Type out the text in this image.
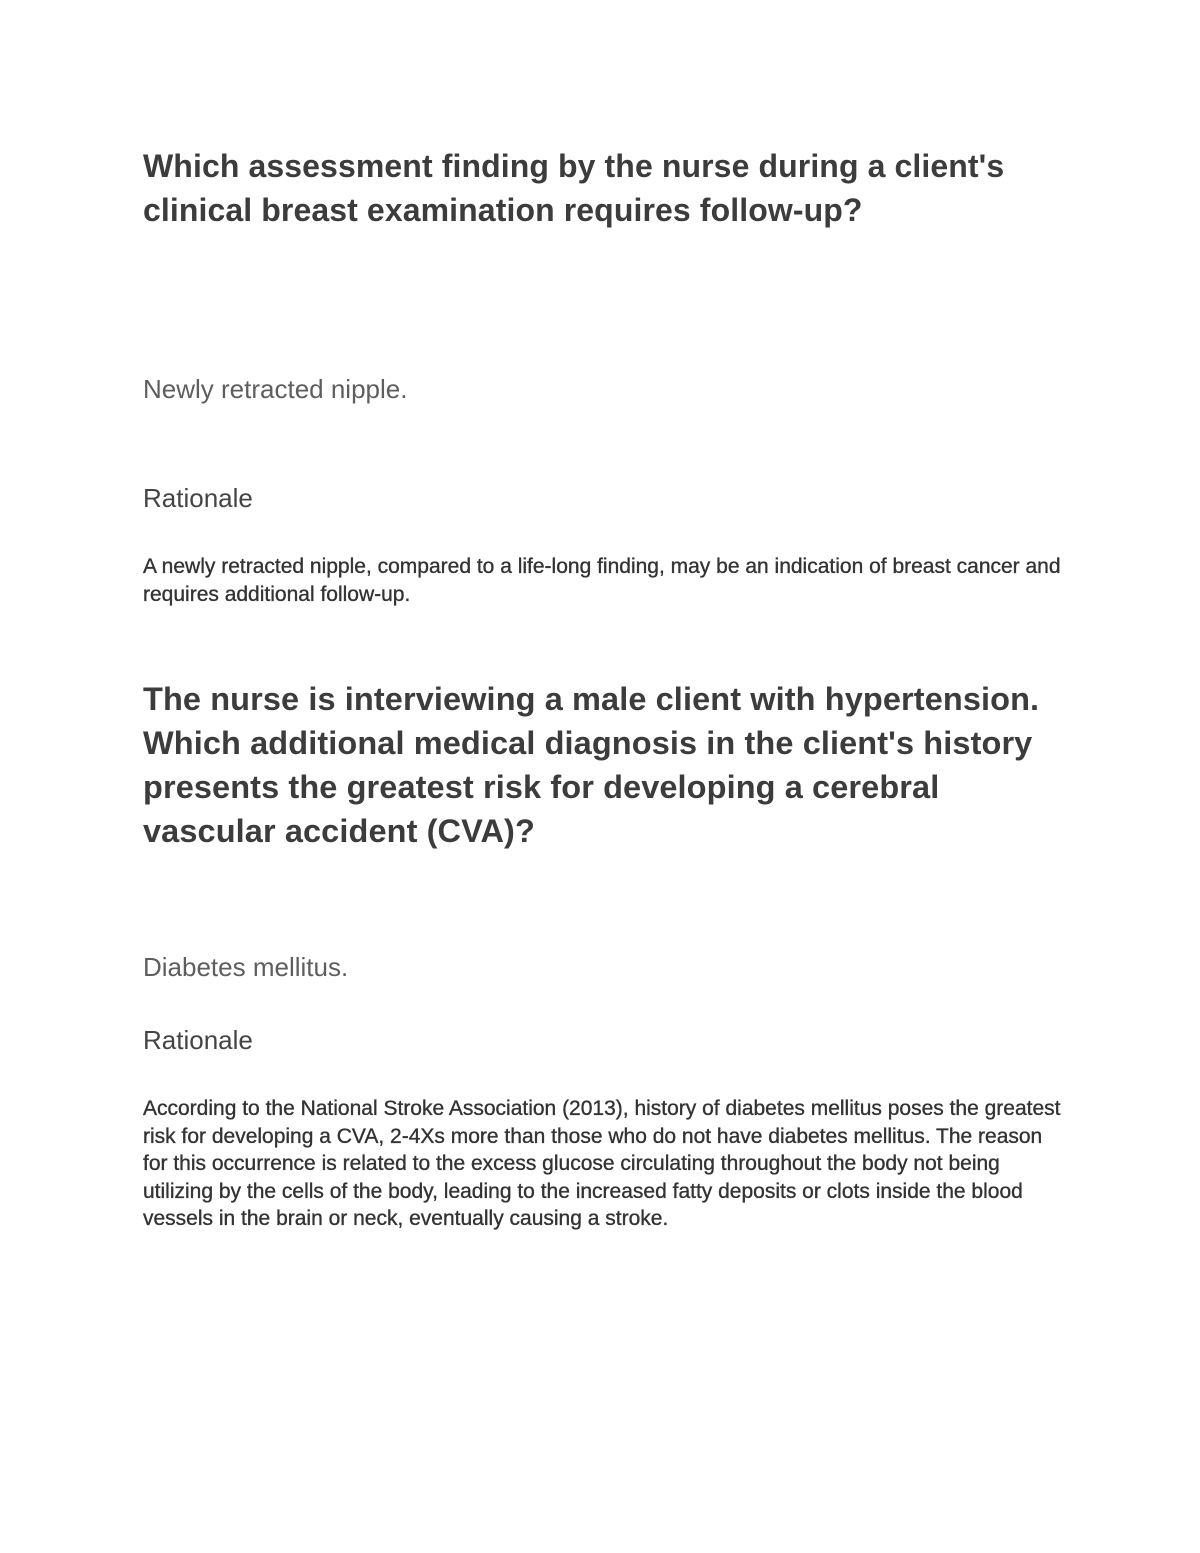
Which assessment finding by the nurse during a client's clinical breast examination requires follow-up?

Newly retracted nipple.

Rationale

A newly retracted nipple, compared to a life-long finding, may be an indication of breast cancer and requires additional follow-up.

The nurse is interviewing a male client with hypertension. Which additional medical diagnosis in the client's history presents the greatest risk for developing a cerebral vascular accident (CVA)?

Diabetes mellitus.

Rationale

According to the National Stroke Association (2013), history of diabetes mellitus poses the greatest risk for developing a CVA, 2-4Xs more than those who do not have diabetes mellitus. The reason for this occurrence is related to the excess glucose circulating throughout the body not being utilizing by the cells of the body, leading to the increased fatty deposits or clots inside the blood vessels in the brain or neck, eventually causing a stroke.
